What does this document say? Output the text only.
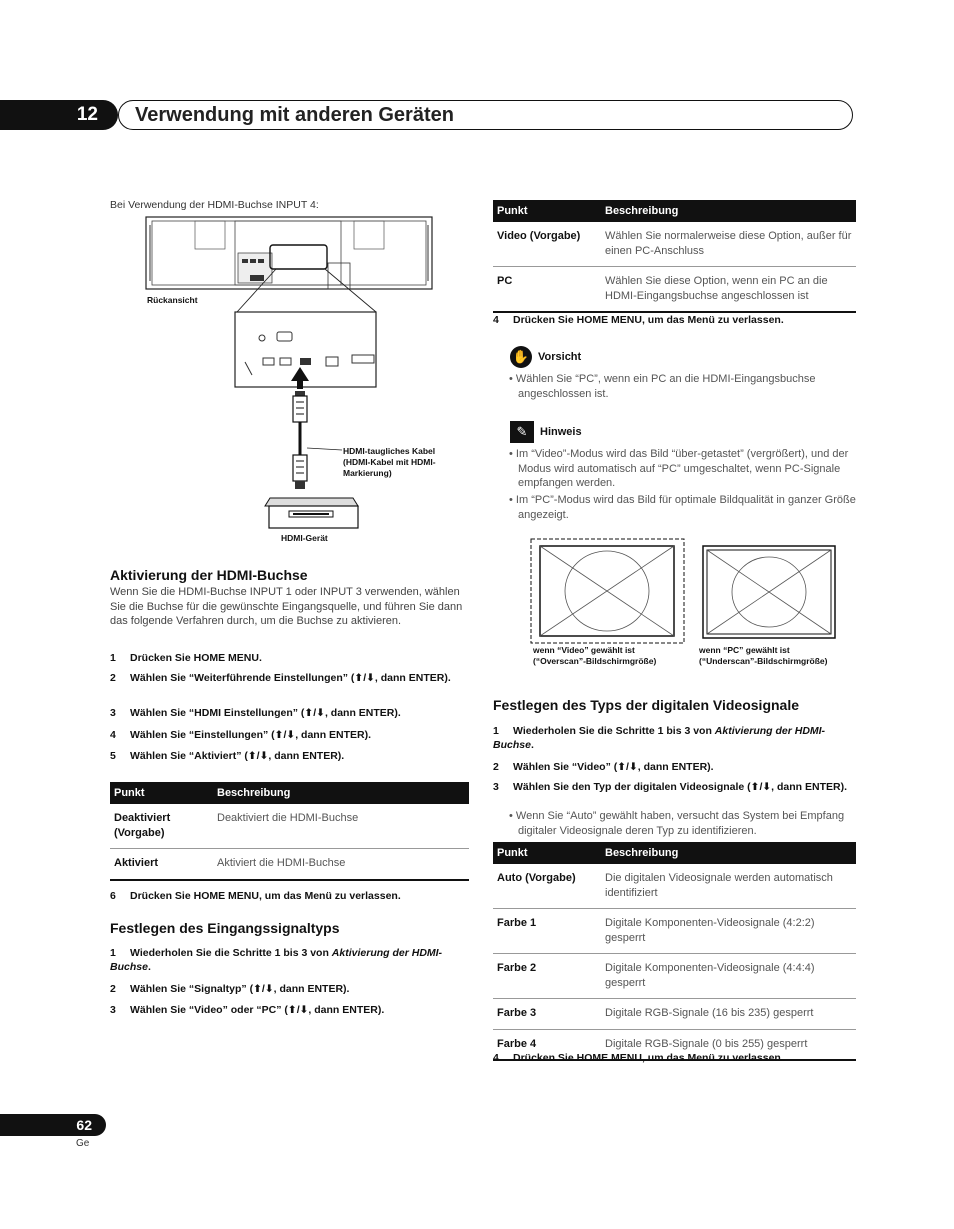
12	Verwendung mit anderen Geräten
Bei Verwendung der HDMI-Buchse INPUT 4:
Rückansicht
HDMI-Gerät
HDMI-taugliches Kabel
(HDMI-Kabel mit HDMI-
Markierung)
Aktivierung der HDMI-Buchse
Wenn Sie die HDMI-Buchse INPUT 1 oder INPUT 3 verwenden, wählen Sie die Buchse für die gewünschte Eingangsquelle, und führen Sie dann das folgende Verfahren durch, um die Buchse zu aktivieren.
1 Drücken Sie HOME MENU.
2 Wählen Sie “Weiterführende Einstellungen” (⬆/⬇, dann ENTER).
3 Wählen Sie “HDMI Einstellungen” (⬆/⬇, dann ENTER).
4 Wählen Sie “Einstellungen” (⬆/⬇, dann ENTER).
5 Wählen Sie “Aktiviert” (⬆/⬇, dann ENTER).
Punkt	Beschreibung
Deaktiviert (Vorgabe)	Deaktiviert die HDMI-Buchse
Aktiviert	Aktiviert die HDMI-Buchse
6 Drücken Sie HOME MENU, um das Menü zu verlassen.
Festlegen des Eingangssignaltyps
1 Wiederholen Sie die Schritte 1 bis 3 von Aktivierung der HDMI-Buchse.
2 Wählen Sie “Signaltyp” (⬆/⬇, dann ENTER).
3 Wählen Sie “Video” oder “PC” (⬆/⬇, dann ENTER).
Punkt	Beschreibung
Video (Vorgabe)	Wählen Sie normalerweise diese Option, außer für einen PC-Anschluss
PC	Wählen Sie diese Option, wenn ein PC an die HDMI-Eingangsbuchse angeschlossen ist
4 Drücken Sie HOME MENU, um das Menü zu verlassen.
✋ Vorsicht
• Wählen Sie “PC”, wenn ein PC an die HDMI-Eingangsbuchse angeschlossen ist.
✎	Hinweis
• Im “Video”-Modus wird das Bild “über-getastet” (vergrößert), und der Modus wird automatisch auf “PC” umgeschaltet, wenn PC-Signale empfangen werden.
• Im “PC”-Modus wird das Bild für optimale Bildqualität in ganzer Größe angezeigt.
wenn “Video” gewählt ist
(“Overscan”-Bildschirmgröße)
wenn “PC” gewählt ist
(“Underscan”-Bildschirmgröße)
Festlegen des Typs der digitalen Videosignale
1 Wiederholen Sie die Schritte 1 bis 3 von Aktivierung der HDMI-Buchse.
2 Wählen Sie “Video” (⬆/⬇, dann ENTER).
3 Wählen Sie den Typ der digitalen Videosignale (⬆/⬇, dann ENTER).
• Wenn Sie “Auto” gewählt haben, versucht das System bei Empfang digitaler Videosignale deren Typ zu identifizieren.
Punkt	Beschreibung
Auto (Vorgabe)	Die digitalen Videosignale werden automatisch identifiziert
Farbe 1	Digitale Komponenten-Videosignale (4:2:2) gesperrt
Farbe 2	Digitale Komponenten-Videosignale (4:4:4) gesperrt
Farbe 3	Digitale RGB-Signale (16 bis 235) gesperrt
Farbe 4	Digitale RGB-Signale (0 bis 255) gesperrt
4 Drücken Sie HOME MENU, um das Menü zu verlassen.
62
Ge
